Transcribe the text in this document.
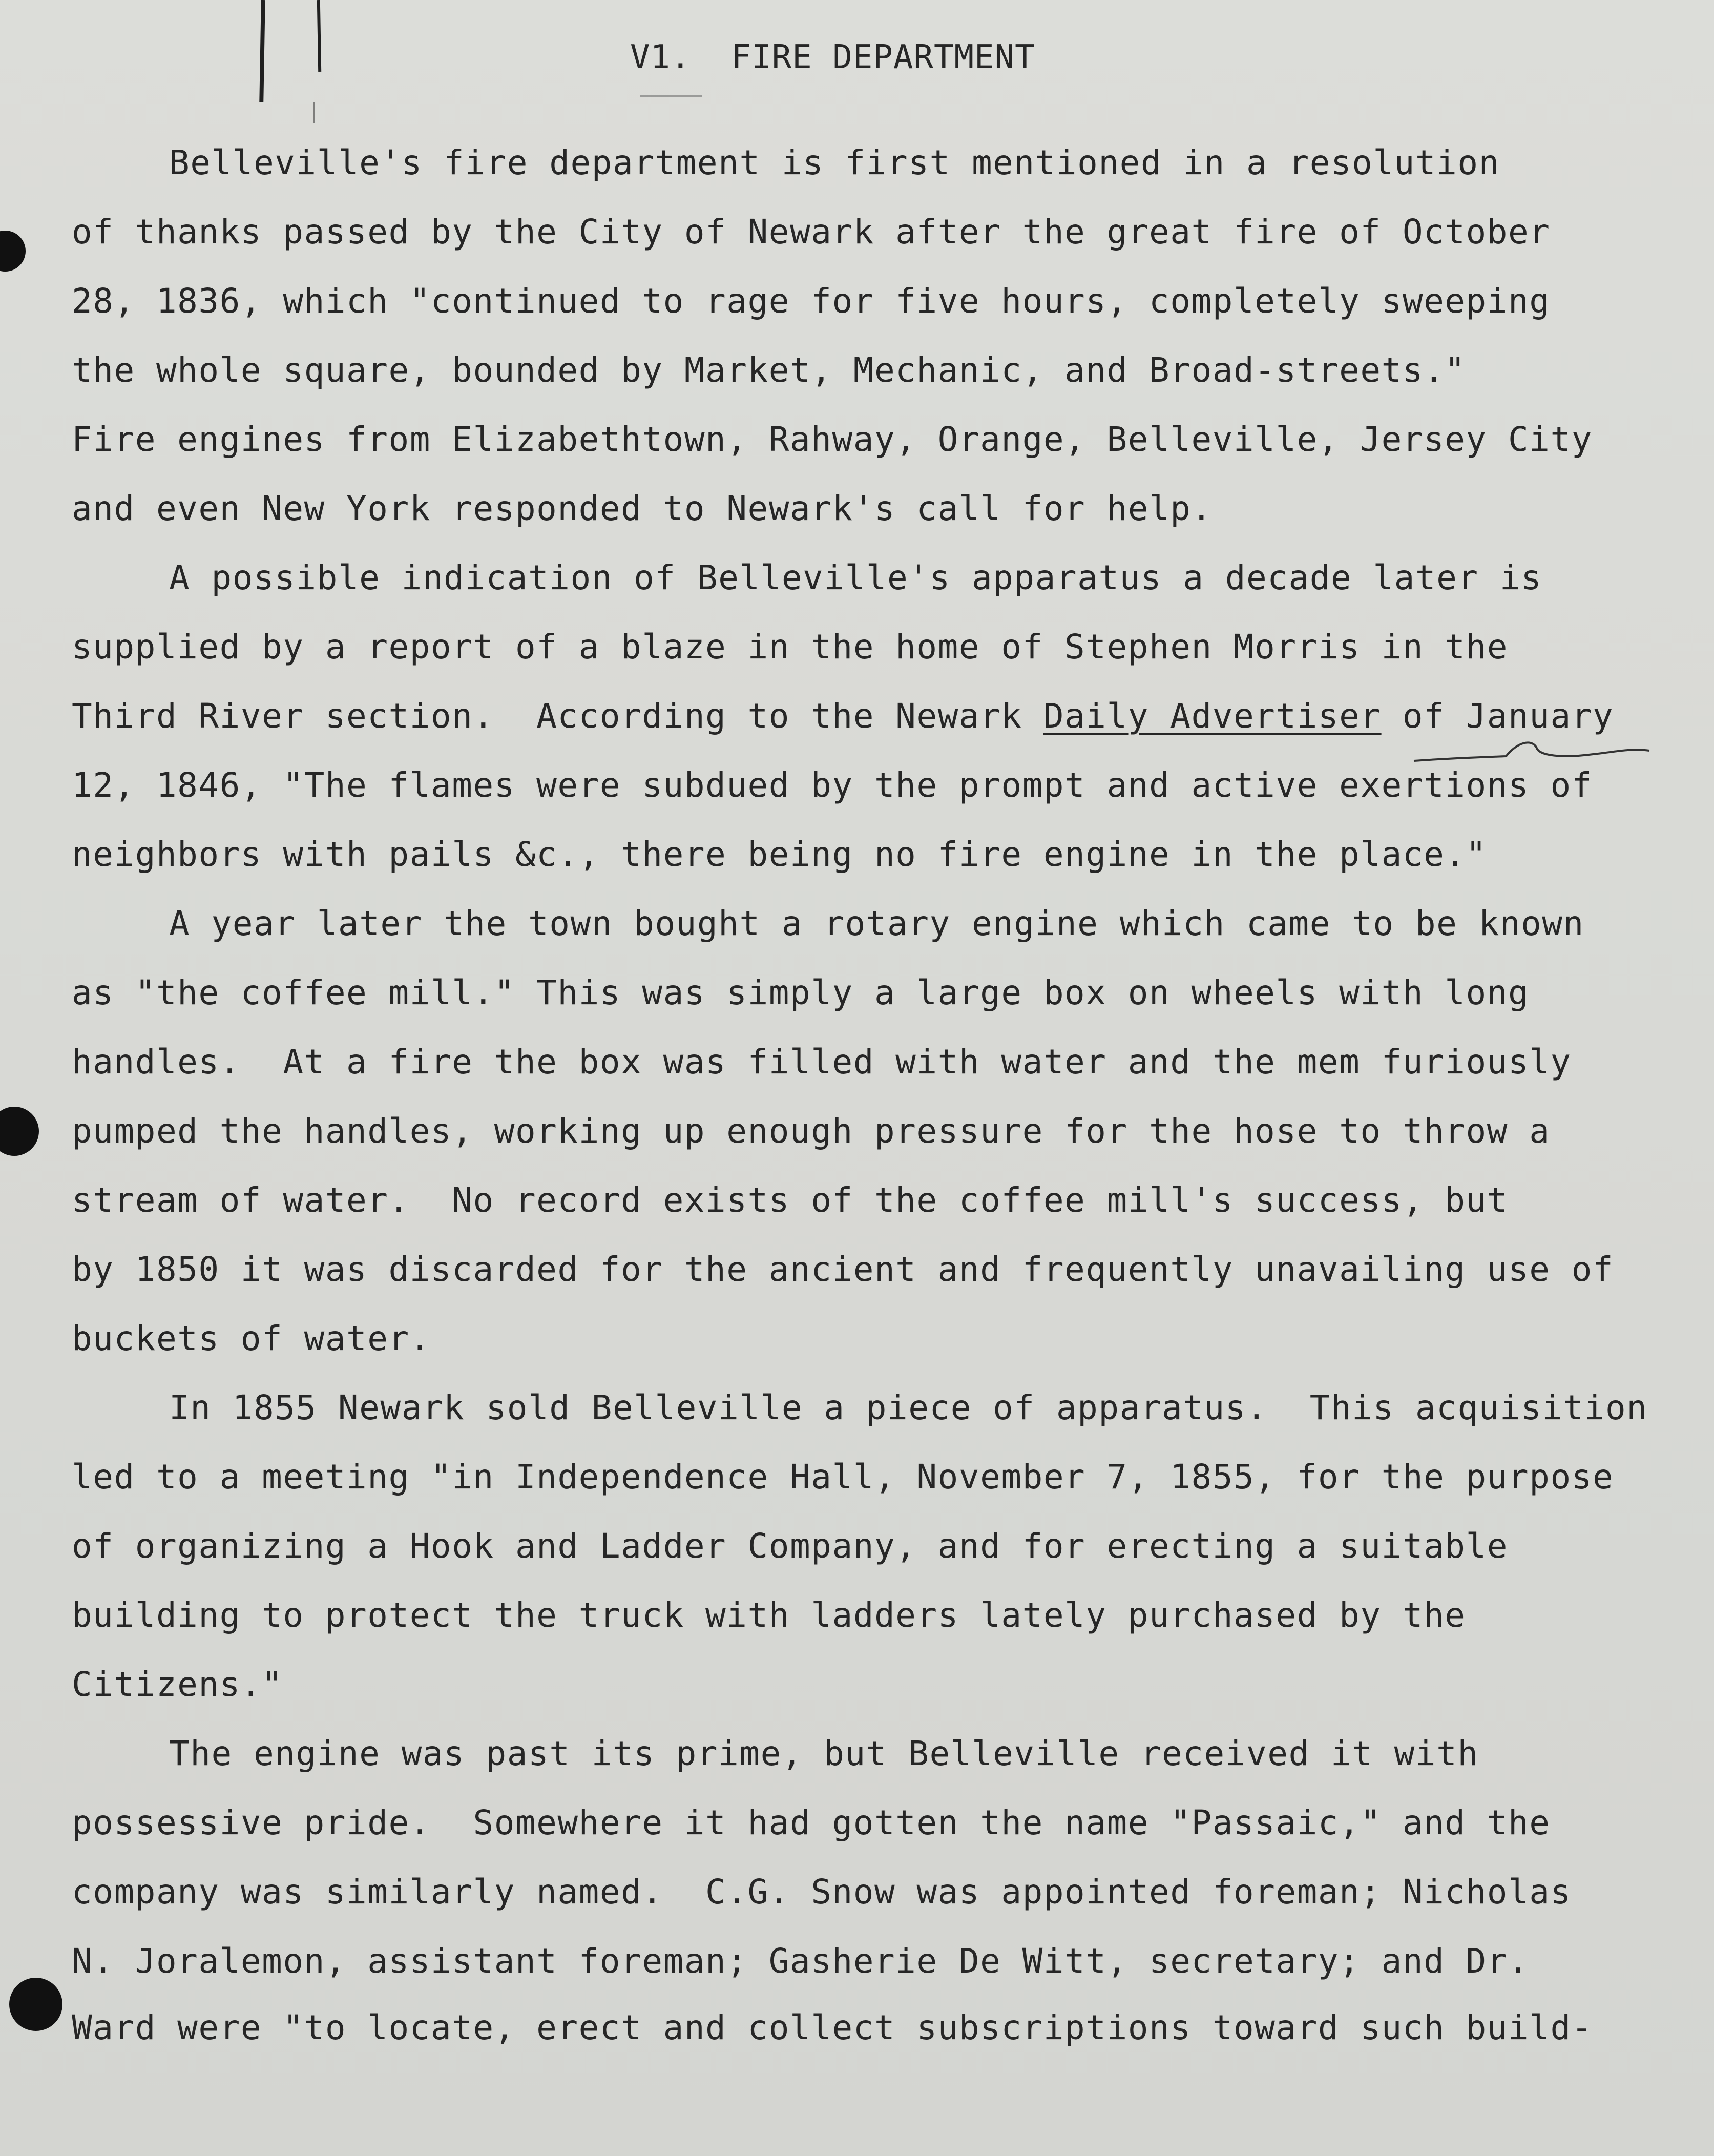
V1.  FIRE DEPARTMENT
Belleville's fire department is first mentioned in a resolution
of thanks passed by the City of Newark after the great fire of October
28, 1836, which "continued to rage for five hours, completely sweeping
the whole square, bounded by Market, Mechanic, and Broad-streets."
Fire engines from Elizabethtown, Rahway, Orange, Belleville, Jersey City
and even New York responded to Newark's call for help.
A possible indication of Belleville's apparatus a decade later is
supplied by a report of a blaze in the home of Stephen Morris in the
Third River section.  According to the Newark Daily Advertiser of January
12, 1846, "The flames were subdued by the prompt and active exertions of
neighbors with pails &c., there being no fire engine in the place."
A year later the town bought a rotary engine which came to be known
as "the coffee mill." This was simply a large box on wheels with long
handles.  At a fire the box was filled with water and the mem furiously
pumped the handles, working up enough pressure for the hose to throw a
stream of water.  No record exists of the coffee mill's success, but
by 1850 it was discarded for the ancient and frequently unavailing use of
buckets of water.
In 1855 Newark sold Belleville a piece of apparatus.  This acquisition
led to a meeting "in Independence Hall, November 7, 1855, for the purpose
of organizing a Hook and Ladder Company, and for erecting a suitable
building to protect the truck with ladders lately purchased by the
Citizens."
The engine was past its prime, but Belleville received it with
possessive pride.  Somewhere it had gotten the name "Passaic," and the
company was similarly named.  C.G. Snow was appointed foreman; Nicholas
N. Joralemon, assistant foreman; Gasherie De Witt, secretary; and Dr.
Ward were "to locate, erect and collect subscriptions toward such build-
